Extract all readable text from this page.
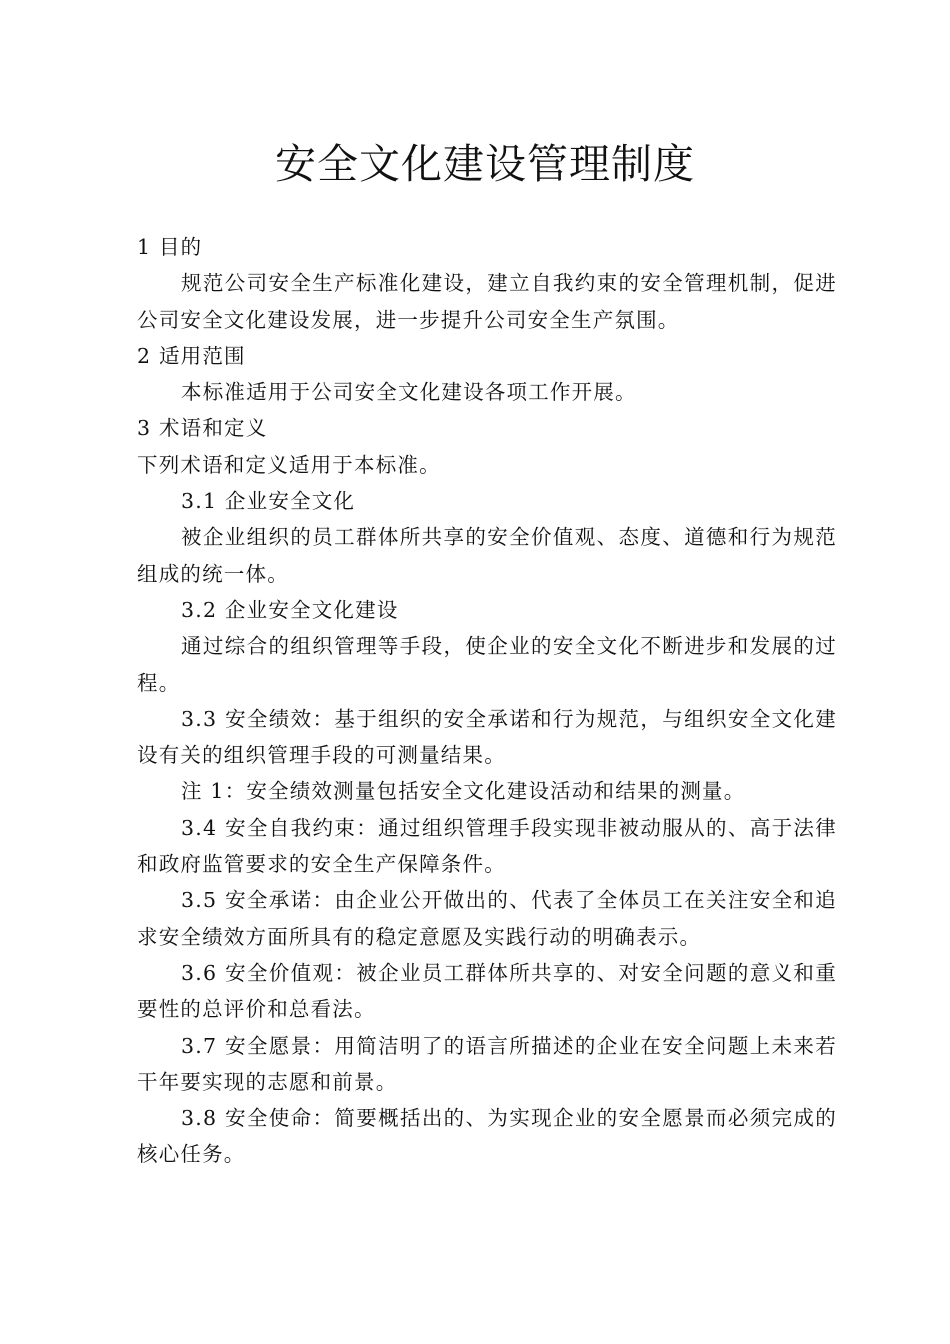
安全文化建设管理制度

1 目的

规范公司安全生产标准化建设，建立自我约束的安全管理机制，促进公司安全文化建设发展，进一步提升公司安全生产氛围。

2 适用范围

本标准适用于公司安全文化建设各项工作开展。

3 术语和定义

下列术语和定义适用于本标准。

3.1 企业安全文化

被企业组织的员工群体所共享的安全价值观、态度、道德和行为规范组成的统一体。

3.2 企业安全文化建设

通过综合的组织管理等手段，使企业的安全文化不断进步和发展的过程。

3.3 安全绩效：基于组织的安全承诺和行为规范，与组织安全文化建设有关的组织管理手段的可测量结果。

注 1：安全绩效测量包括安全文化建设活动和结果的测量。

3.4 安全自我约束：通过组织管理手段实现非被动服从的、高于法律和政府监管要求的安全生产保障条件。

3.5 安全承诺：由企业公开做出的、代表了全体员工在关注安全和追求安全绩效方面所具有的稳定意愿及实践行动的明确表示。

3.6 安全价值观：被企业员工群体所共享的、对安全问题的意义和重要性的总评价和总看法。

3.7 安全愿景：用简洁明了的语言所描述的企业在安全问题上未来若干年要实现的志愿和前景。

3.8 安全使命：简要概括出的、为实现企业的安全愿景而必须完成的核心任务。
